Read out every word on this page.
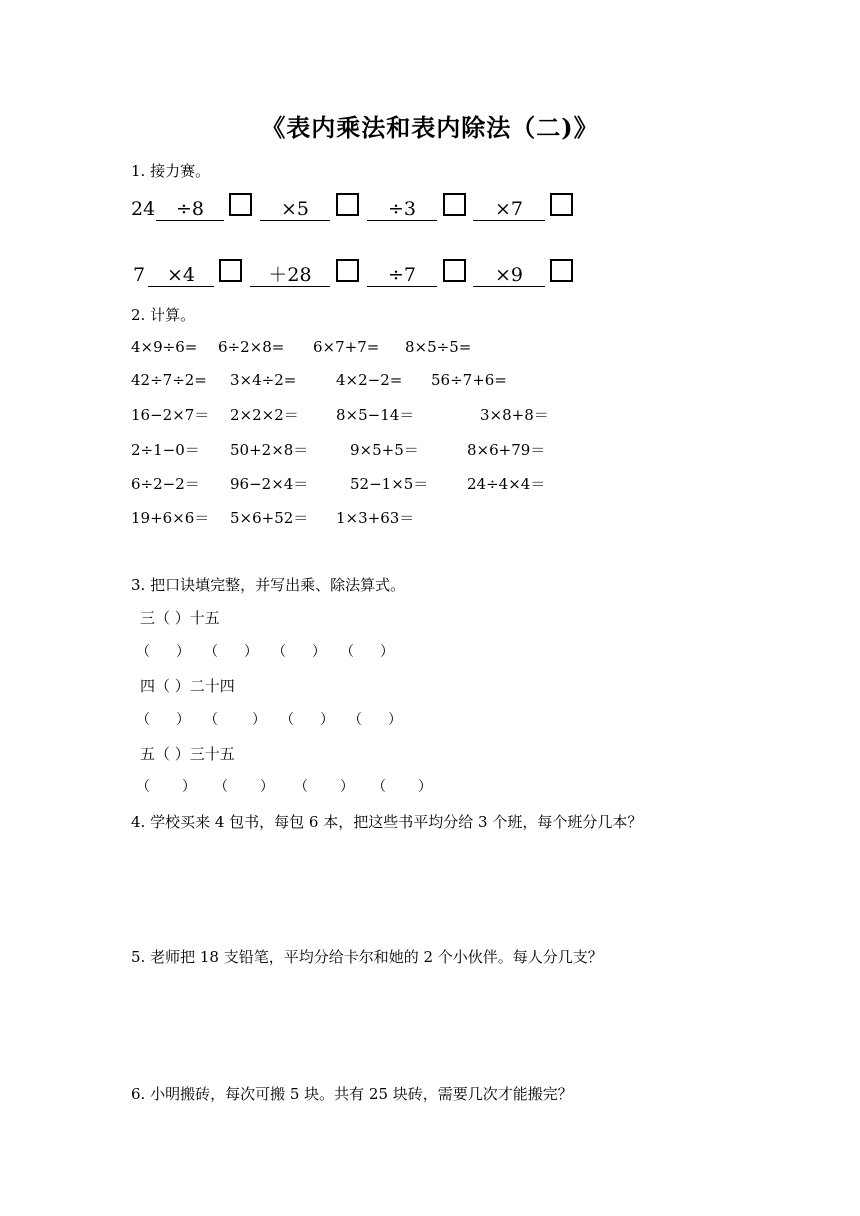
《表内乘法和表内除法（二)》
1. 接力赛。
24	÷8	×5	÷3	×7
7	×4	＋28	÷7	×9
2. 计算。
4×9÷6= 6÷2×8= 6×7+7= 8×5÷5=
42÷7÷2= 3×4÷2=	4×2−2= 56÷7+6=
16−2×7＝ 2×2×2＝ 8×5−14＝	3×8+8＝
2÷1−0＝ 50+2×8＝	9×5+5＝	8×6+79＝
6÷2−2＝ 96−2×4＝	52−1×5＝	24÷4×4＝
19+6×6＝ 5×6+52＝ 1×3+63＝
3. 把口诀填完整，并写出乘、除法算式。
三（ ）十五
（ ） （ ） （ ） （ ）
四（ ）二十四
（ ） （ ） （ ） （ ）
五（ ）三十五
（ ） （ ） （ ） （ ）
4. 学校买来 4 包书，每包 6 本，把这些书平均分给 3 个班，每个班分几本？
5. 老师把 18 支铅笔，平均分给卡尔和她的 2 个小伙伴。每人分几支？
6. 小明搬砖，每次可搬 5 块。共有 25 块砖，需要几次才能搬完？
